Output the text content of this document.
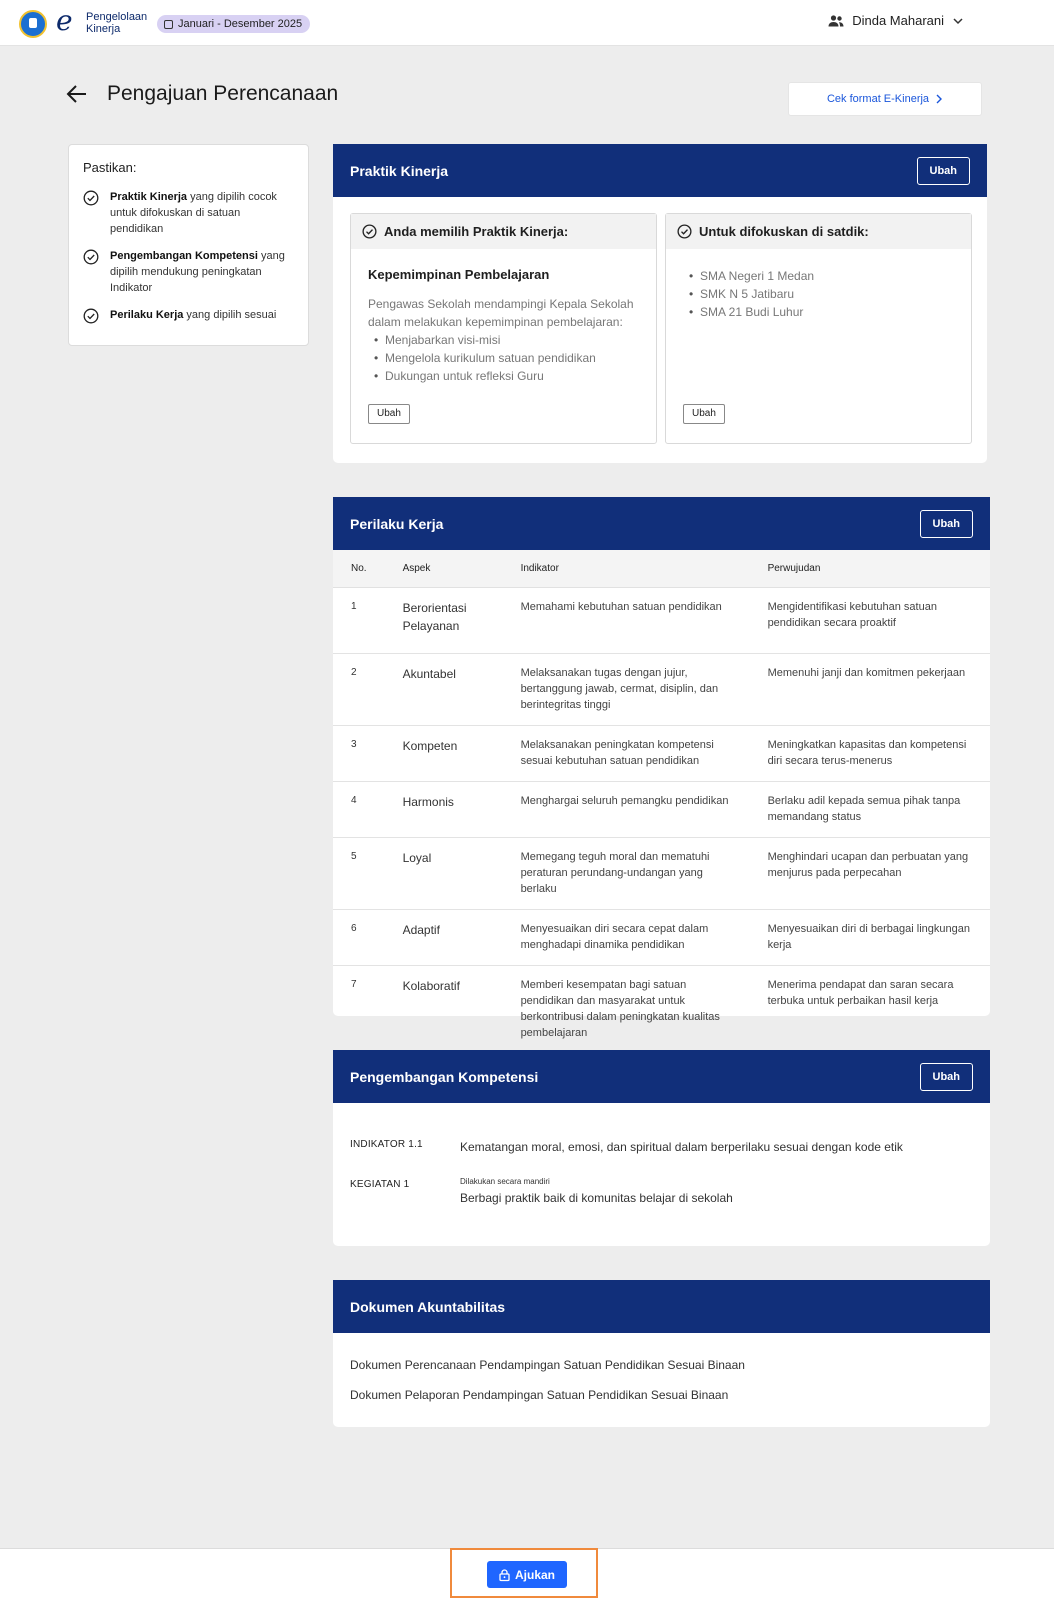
e Pengelolaan
Kinerja	Januari - Desember 2025	Dinda Maharani
Pengajuan Perencanaan	Cek format E-Kinerja
Pastikan:
Praktik Kinerja yang dipilih cocok untuk difokuskan di satuan pendidikan
Pengembangan Kompetensi yang dipilih mendukung peningkatan Indikator
Perilaku Kerja yang dipilih sesuai
Praktik Kinerja	Ubah
Anda memilih Praktik Kinerja:
Kepemimpinan Pembelajaran
Pengawas Sekolah mendampingi Kepala Sekolah dalam melakukan kepemimpinan pembelajaran:
• Menjabarkan visi-misi
• Mengelola kurikulum satuan pendidikan
• Dukungan untuk refleksi Guru
Ubah
Untuk difokuskan di satdik:
• SMA Negeri 1 Medan
• SMK N 5 Jatibaru
• SMA 21 Budi Luhur
Ubah
Perilaku Kerja	Ubah
No.	Aspek	Indikator	Perwujudan
1	Berorientasi Pelayanan	Memahami kebutuhan satuan pendidikan	Mengidentifikasi kebutuhan satuan pendidikan secara proaktif
2	Akuntabel	Melaksanakan tugas dengan jujur, bertanggung jawab, cermat, disiplin, dan berintegritas tinggi	Memenuhi janji dan komitmen pekerjaan
3	Kompeten	Melaksanakan peningkatan kompetensi sesuai kebutuhan satuan pendidikan	Meningkatkan kapasitas dan kompetensi diri secara terus-menerus
4	Harmonis	Menghargai seluruh pemangku pendidikan	Berlaku adil kepada semua pihak tanpa memandang status
5	Loyal	Memegang teguh moral dan mematuhi peraturan perundang-undangan yang berlaku	Menghindari ucapan dan perbuatan yang menjurus pada perpecahan
6	Adaptif	Menyesuaikan diri secara cepat dalam menghadapi dinamika pendidikan	Menyesuaikan diri di berbagai lingkungan kerja
7	Kolaboratif	Memberi kesempatan bagi satuan pendidikan dan masyarakat untuk berkontribusi dalam peningkatan kualitas pembelajaran	Menerima pendapat dan saran secara terbuka untuk perbaikan hasil kerja
Pengembangan Kompetensi	Ubah
INDIKATOR 1.1	Kematangan moral, emosi, dan spiritual dalam berperilaku sesuai dengan kode etik
KEGIATAN 1	Dilakukan secara mandiri
Berbagi praktik baik di komunitas belajar di sekolah
Dokumen Akuntabilitas
Dokumen Perencanaan Pendampingan Satuan Pendidikan Sesuai Binaan
Dokumen Pelaporan Pendampingan Satuan Pendidikan Sesuai Binaan
Ajukan
